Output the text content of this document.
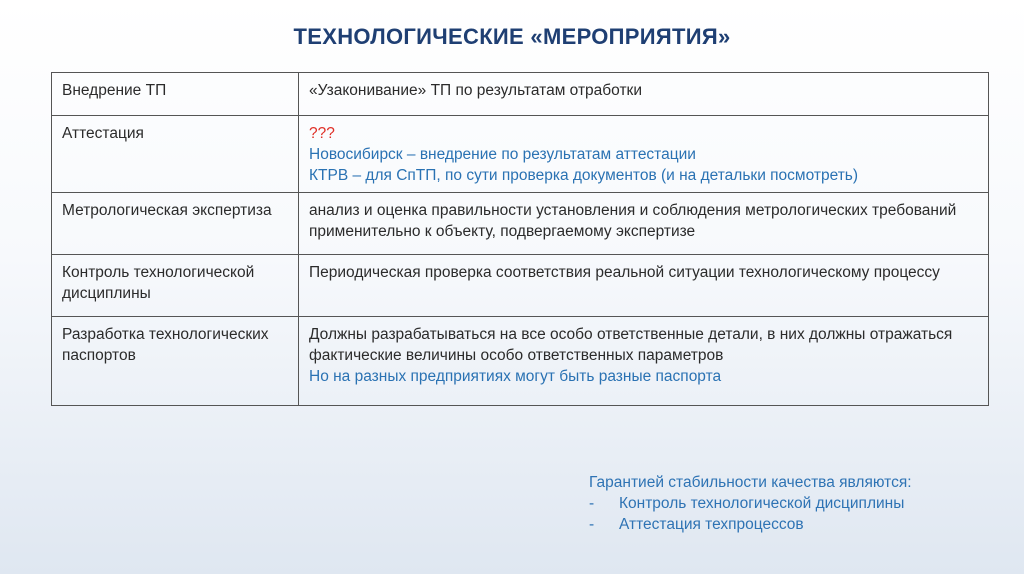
ТЕХНОЛОГИЧЕСКИЕ «МЕРОПРИЯТИЯ»
Внедрение ТП	«Узаконивание» ТП по результатам отработки

Аттестация	???
Новосибирск – внедрение по результатам аттестации
КТРВ – для СпТП, по сути проверка документов (и на детальки посмотреть)

Метрологическая экспертиза	анализ и оценка правильности установления и соблюдения метрологических требований применительно к объекту, подвергаемому экспертизе

Контроль технологической дисциплины	Периодическая проверка соответствия реальной ситуации технологическому процессу

Разработка технологических паспортов	Должны разрабатываться на все особо ответственные детали, в них должны отражаться фактические величины особо ответственных параметров
Но на разных предприятиях могут быть разные паспорта
Гарантией стабильности качества являются:
- Контроль технологической дисциплины
- Аттестация техпроцессов
